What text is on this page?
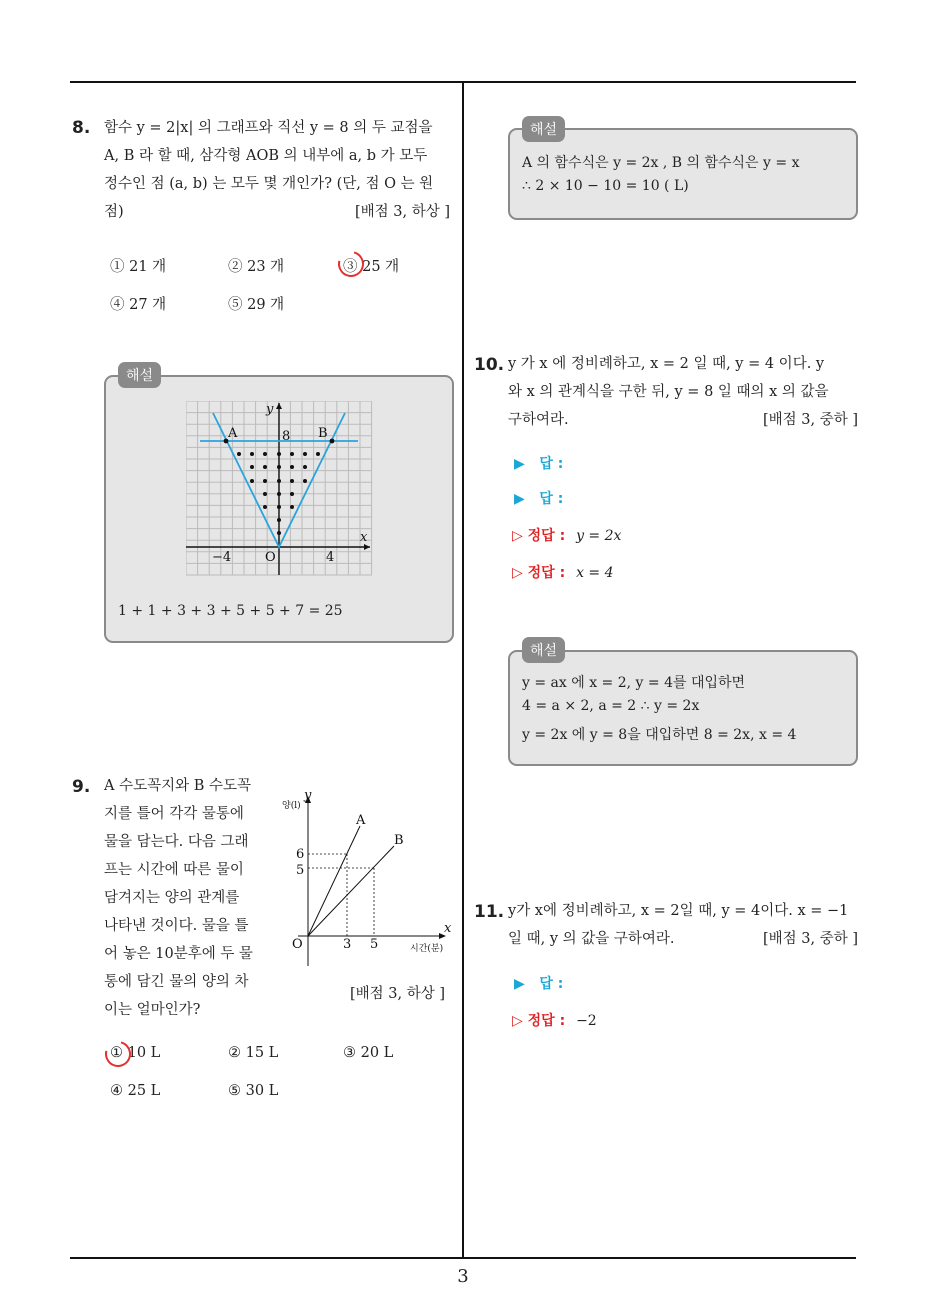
8. 함수 y = 2|x| 의 그래프와 직선 y = 8 의 두 교점을
A, B 라 할 때, 삼각형 AOB 의 내부에 a, b 가 모두
정수인 점 (a, b) 는 모두 몇 개인가? (단, 점 O 는 원
점)	[배점 3, 하상 ]
① 21 개	② 23 개	③ 25 개
④ 27 개	⑤ 29 개
y
x
A	B
8
−4	O	4
1 + 1 + 3 + 3 + 5 + 5 + 7 = 25
해설
9. A 수도꼭지와 B 수도꼭
지를 틀어 각각 물통에
물을 담는다. 다음 그래
프는 시간에 따른 물이
담겨지는 양의 관계를
나타낸 것이다. 물을 틀
어 놓은 10분후에 두 물
통에 담긴 물의 양의 차
이는 얼마인가?
[배점 3, 하상 ]
y
양(l)
x
시간(분)
A
B
6
5
O	3 5
① 10 L	② 15 L	③ 20 L
④ 25 L	⑤ 30 L
A 의 함수식은 y = 2x , B 의 함수식은 y = x
∴ 2 × 10 − 10 = 10 ( L)
해설
10. y 가 x 에 정비례하고, x = 2 일 때, y = 4 이다. y
와 x 의 관계식을 구한 뒤, y = 8 일 때의 x 의 값을
구하여라.	[배점 3, 중하 ]
▶ 답 :
▶ 답 :
▷ 정답 : y = 2x
▷ 정답 : x = 4
y = ax 에 x = 2, y = 4를 대입하면
4 = a × 2, a = 2 ∴ y = 2x
y = 2x 에 y = 8을 대입하면 8 = 2x, x = 4
해설
11. y가 x에 정비례하고, x = 2일 때, y = 4이다. x = −1
일 때, y 의 값을 구하여라.	[배점 3, 중하 ]
▶ 답 :
▷ 정답 : −2
3
